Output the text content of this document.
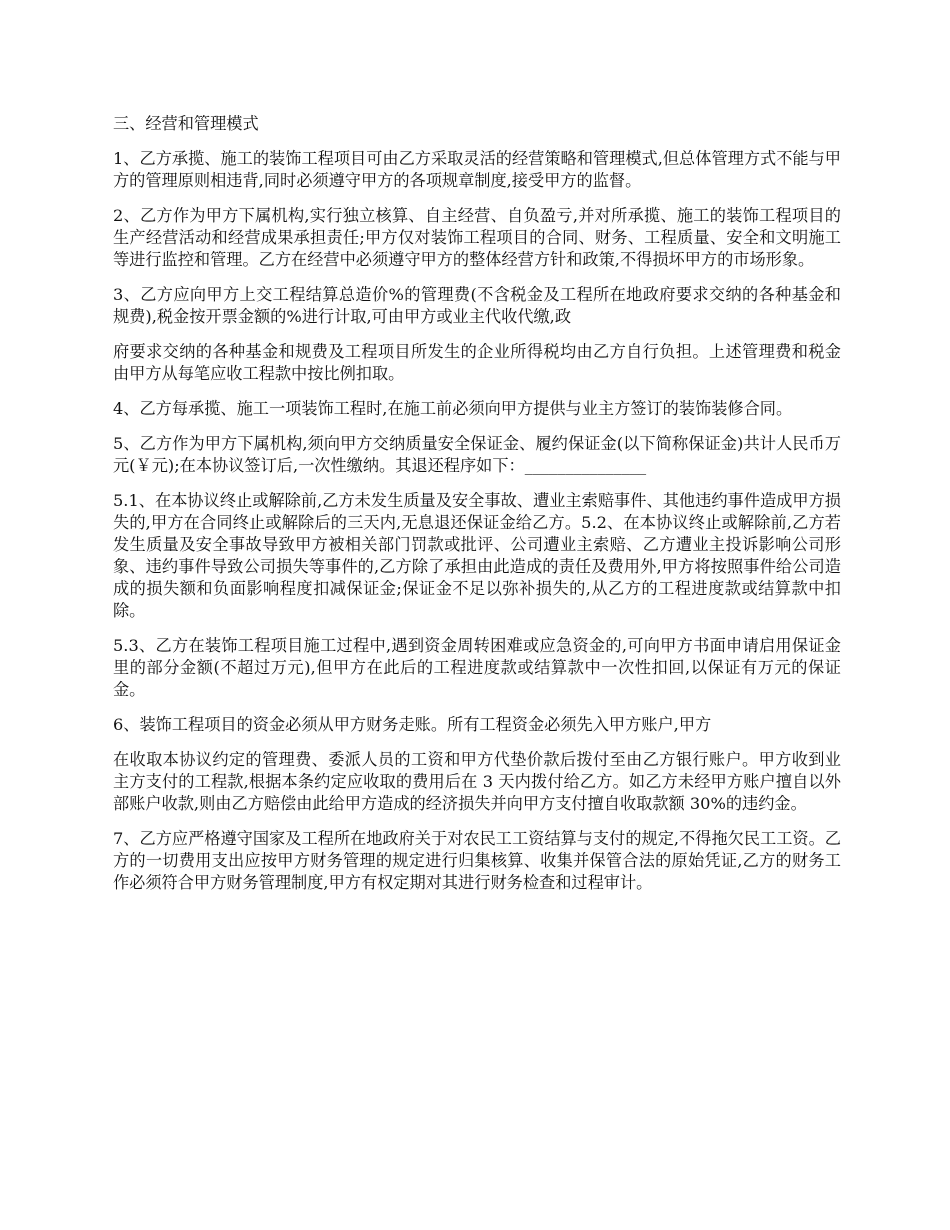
三、经营和管理模式

1、乙方承揽、施工的装饰工程项目可由乙方采取灵活的经营策略和管理模式,但总体管理方式不能与甲方的管理原则相违背,同时必须遵守甲方的各项规章制度,接受甲方的监督。

2、乙方作为甲方下属机构,实行独立核算、自主经营、自负盈亏,并对所承揽、施工的装饰工程项目的生产经营活动和经营成果承担责任;甲方仅对装饰工程项目的合同、财务、工程质量、安全和文明施工等进行监控和管理。乙方在经营中必须遵守甲方的整体经营方针和政策,不得损坏甲方的市场形象。

3、乙方应向甲方上交工程结算总造价%的管理费(不含税金及工程所在地政府要求交纳的各种基金和规费),税金按开票金额的%进行计取,可由甲方或业主代收代缴,政

府要求交纳的各种基金和规费及工程项目所发生的企业所得税均由乙方自行负担。上述管理费和税金由甲方从每笔应收工程款中按比例扣取。

4、乙方每承揽、施工一项装饰工程时,在施工前必须向甲方提供与业主方签订的装饰装修合同。

5、乙方作为甲方下属机构,须向甲方交纳质量安全保证金、履约保证金(以下简称保证金)共计人民币万元(￥元);在本协议签订后,一次性缴纳。其退还程序如下：_______________

5.1、在本协议终止或解除前,乙方未发生质量及安全事故、遭业主索赔事件、其他违约事件造成甲方损失的,甲方在合同终止或解除后的三天内,无息退还保证金给乙方。5.2、在本协议终止或解除前,乙方若发生质量及安全事故导致甲方被相关部门罚款或批评、公司遭业主索赔、乙方遭业主投诉影响公司形象、违约事件导致公司损失等事件的,乙方除了承担由此造成的责任及费用外,甲方将按照事件给公司造成的损失额和负面影响程度扣减保证金;保证金不足以弥补损失的,从乙方的工程进度款或结算款中扣除。

5.3、乙方在装饰工程项目施工过程中,遇到资金周转困难或应急资金的,可向甲方书面申请启用保证金里的部分金额(不超过万元),但甲方在此后的工程进度款或结算款中一次性扣回,以保证有万元的保证金。

6、装饰工程项目的资金必须从甲方财务走账。所有工程资金必须先入甲方账户,甲方

在收取本协议约定的管理费、委派人员的工资和甲方代垫价款后拨付至由乙方银行账户。甲方收到业主方支付的工程款,根据本条约定应收取的费用后在 3 天内拨付给乙方。如乙方未经甲方账户擅自以外部账户收款,则由乙方赔偿由此给甲方造成的经济损失并向甲方支付擅自收取款额 30%的违约金。

7、乙方应严格遵守国家及工程所在地政府关于对农民工工资结算与支付的规定,不得拖欠民工工资。乙方的一切费用支出应按甲方财务管理的规定进行归集核算、收集并保管合法的原始凭证,乙方的财务工作必须符合甲方财务管理制度,甲方有权定期对其进行财务检查和过程审计。
